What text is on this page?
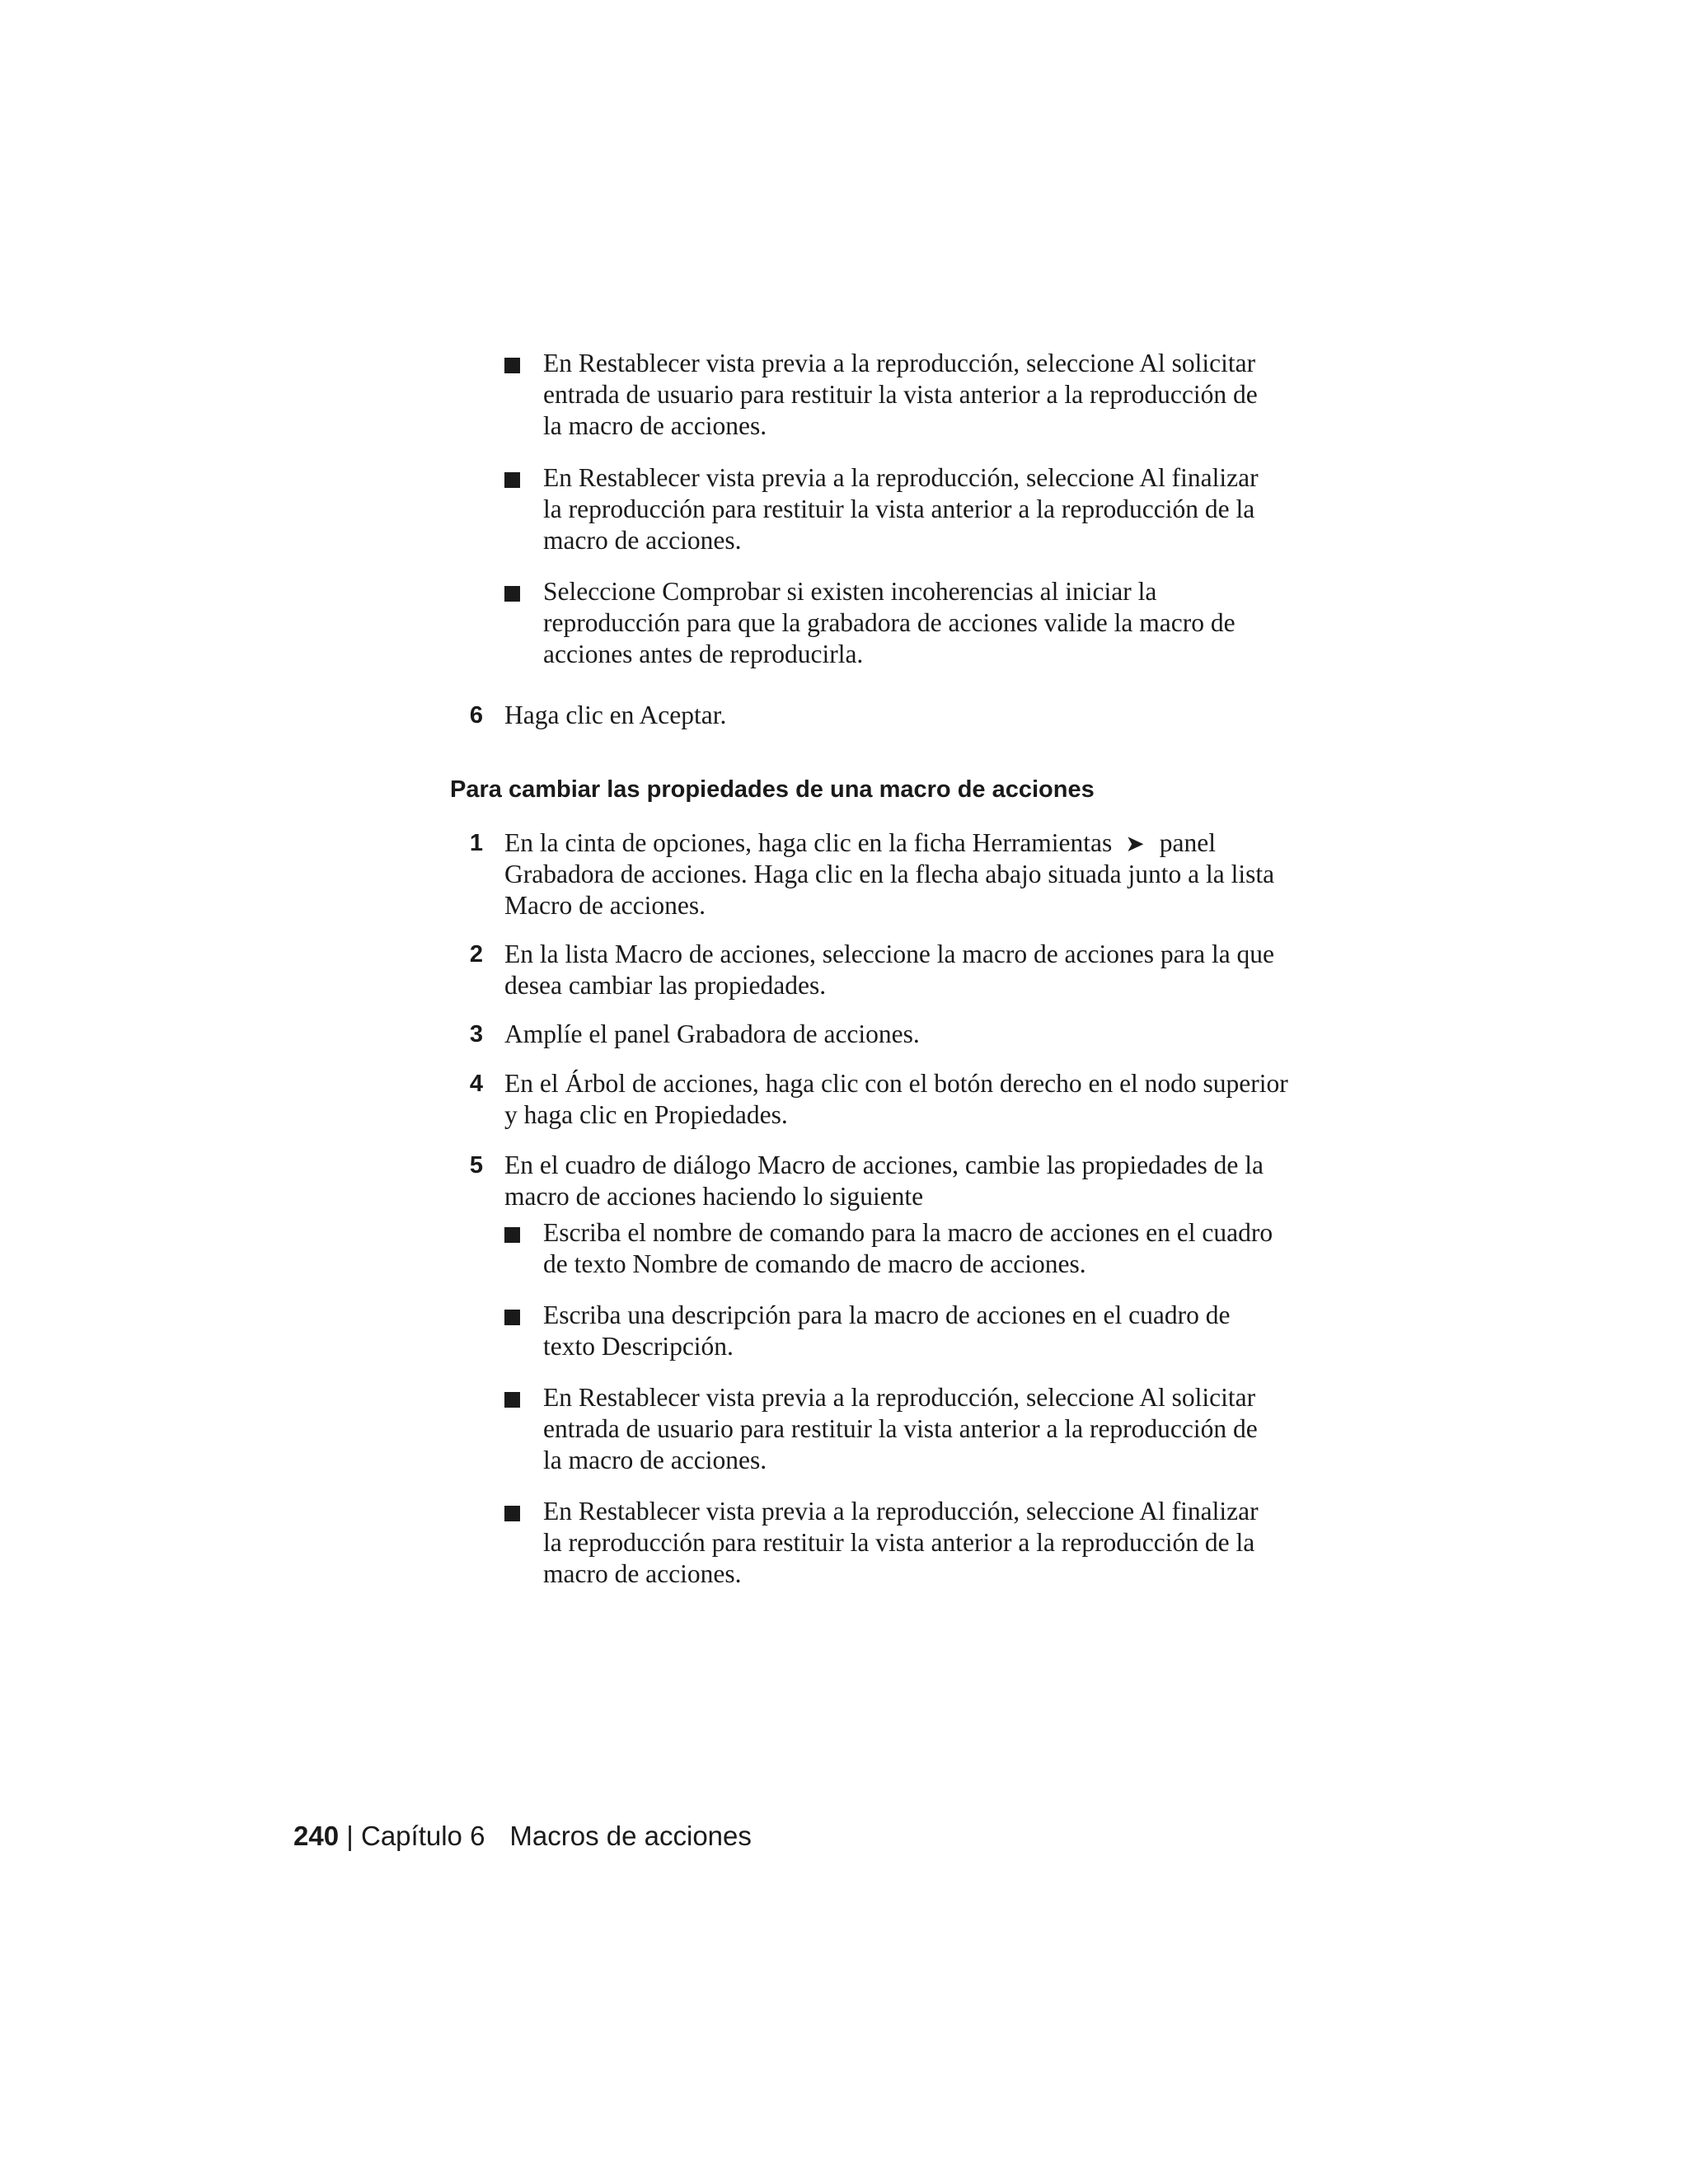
En Restablecer vista previa a la reproducción, seleccione Al solicitar
entrada de usuario para restituir la vista anterior a la reproducción de
la macro de acciones.
En Restablecer vista previa a la reproducción, seleccione Al finalizar
la reproducción para restituir la vista anterior a la reproducción de la
macro de acciones.
Seleccione Comprobar si existen incoherencias al iniciar la
reproducción para que la grabadora de acciones valide la macro de
acciones antes de reproducirla.
6 Haga clic en Aceptar.
Para cambiar las propiedades de una macro de acciones
1 En la cinta de opciones, haga clic en la ficha Herramientas ➤ panel
Grabadora de acciones. Haga clic en la flecha abajo situada junto a la lista
Macro de acciones.
2 En la lista Macro de acciones, seleccione la macro de acciones para la que
desea cambiar las propiedades.
3 Amplíe el panel Grabadora de acciones.
4 En el Árbol de acciones, haga clic con el botón derecho en el nodo superior
y haga clic en Propiedades.
5 En el cuadro de diálogo Macro de acciones, cambie las propiedades de la
macro de acciones haciendo lo siguiente
Escriba el nombre de comando para la macro de acciones en el cuadro
de texto Nombre de comando de macro de acciones.
Escriba una descripción para la macro de acciones en el cuadro de
texto Descripción.
En Restablecer vista previa a la reproducción, seleccione Al solicitar
entrada de usuario para restituir la vista anterior a la reproducción de
la macro de acciones.
En Restablecer vista previa a la reproducción, seleccione Al finalizar
la reproducción para restituir la vista anterior a la reproducción de la
macro de acciones.
240 | Capítulo 6 Macros de acciones
